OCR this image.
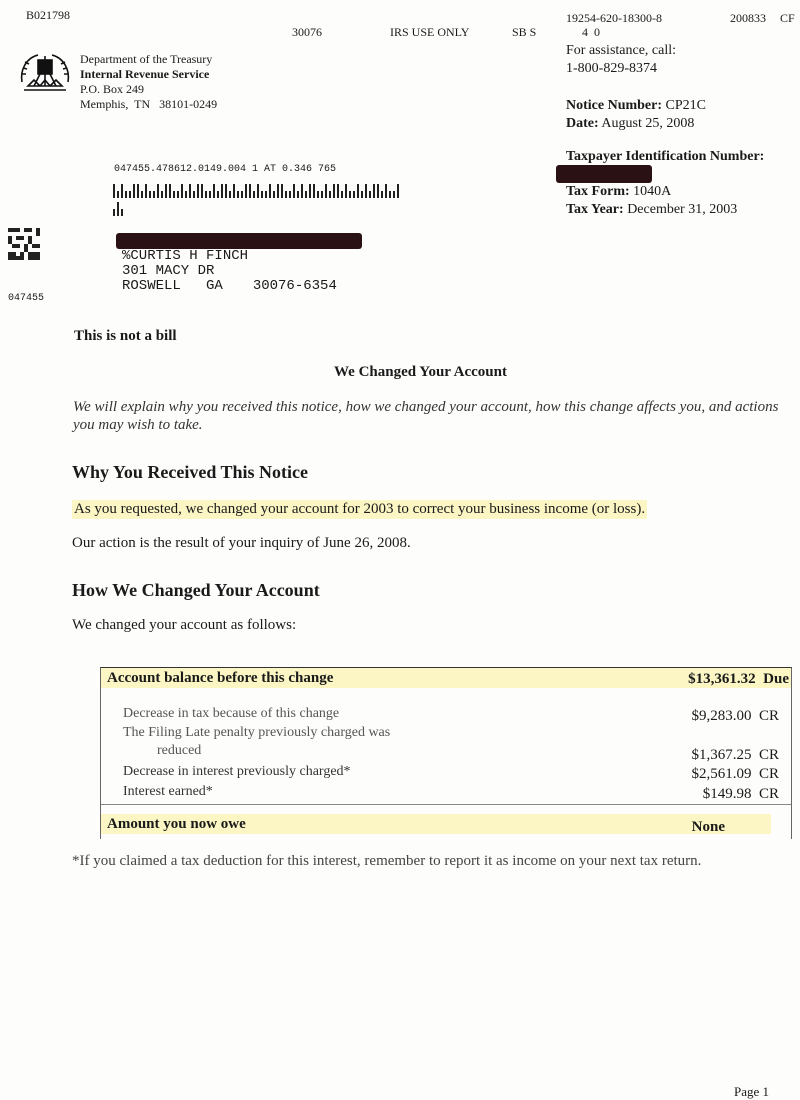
B021798
30076	IRS USE ONLY	SB S
19254-620-18300-8
4  0
200833 CF
Department of the Treasury
Internal Revenue Service
P.O. Box 249
Memphis,  TN   38101-0249
For assistance, call:
1-800-829-8374
Notice Number: CP21C
Date: August 25, 2008
Taxpayer Identification Number:
Tax Form: 1040A
Tax Year: December 31, 2003
047455.478612.0149.004 1 AT 0.346 765
047455
%CURTIS H FINCH
301 MACY DR
ROSWELL   GA 30076-6354
This is not a bill
We Changed Your Account
We will explain why you received this notice, how we changed your account, how this change affects you, and actions you may wish to take.
Why You Received This Notice
As you requested, we changed your account for 2003 to correct your business income (or loss).
Our action is the result of your inquiry of June 26, 2008.
How We Changed Your Account
We changed your account as follows:
Account balance before this change	$13,361.32 Due
Decrease in tax because of this change	$9,283.00 CR
The Filing Late penalty previously charged was
reduced	$1,367.25 CR
Decrease in interest previously charged*	$2,561.09 CR
Interest earned*	$149.98 CR
Amount you now owe	None
*If you claimed a tax deduction for this interest, remember to report it as income on your next tax return.
Page 1
